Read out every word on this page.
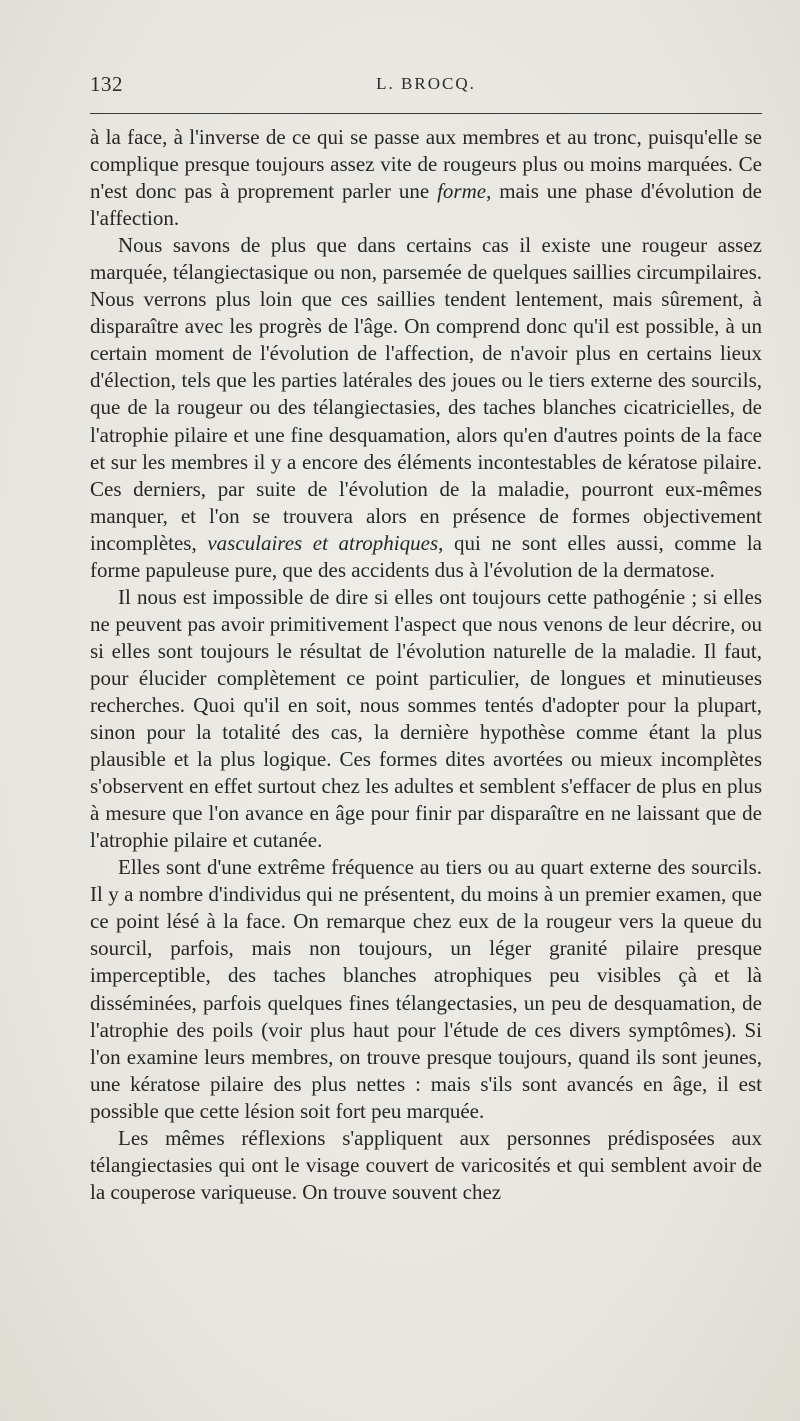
132	L. BROCQ.

à la face, à l'inverse de ce qui se passe aux membres et au tronc, puisqu'elle se complique presque toujours assez vite de rougeurs plus ou moins marquées. Ce n'est donc pas à proprement parler une forme, mais une phase d'évolution de l'affection.

Nous savons de plus que dans certains cas il existe une rougeur assez marquée, télangiectasique ou non, parsemée de quelques saillies circumpilaires. Nous verrons plus loin que ces saillies tendent lentement, mais sûrement, à disparaître avec les progrès de l'âge. On comprend donc qu'il est possible, à un certain moment de l'évolution de l'affection, de n'avoir plus en certains lieux d'élection, tels que les parties latérales des joues ou le tiers externe des sourcils, que de la rougeur ou des télangiectasies, des taches blanches cicatricielles, de l'atrophie pilaire et une fine desquamation, alors qu'en d'autres points de la face et sur les membres il y a encore des éléments incontestables de kératose pilaire. Ces derniers, par suite de l'évolution de la maladie, pourront eux-mêmes manquer, et l'on se trouvera alors en présence de formes objectivement incomplètes, vasculaires et atrophiques, qui ne sont elles aussi, comme la forme papuleuse pure, que des accidents dus à l'évolution de la dermatose.

Il nous est impossible de dire si elles ont toujours cette pathogénie ; si elles ne peuvent pas avoir primitivement l'aspect que nous venons de leur décrire, ou si elles sont toujours le résultat de l'évolution naturelle de la maladie. Il faut, pour élucider complètement ce point particulier, de longues et minutieuses recherches. Quoi qu'il en soit, nous sommes tentés d'adopter pour la plupart, sinon pour la totalité des cas, la dernière hypothèse comme étant la plus plausible et la plus logique. Ces formes dites avortées ou mieux incomplètes s'observent en effet surtout chez les adultes et semblent s'effacer de plus en plus à mesure que l'on avance en âge pour finir par disparaître en ne laissant que de l'atrophie pilaire et cutanée.

Elles sont d'une extrême fréquence au tiers ou au quart externe des sourcils. Il y a nombre d'individus qui ne présentent, du moins à un premier examen, que ce point lésé à la face. On remarque chez eux de la rougeur vers la queue du sourcil, parfois, mais non toujours, un léger granité pilaire presque imperceptible, des taches blanches atrophiques peu visibles çà et là disséminées, parfois quelques fines télangectasies, un peu de desquamation, de l'atrophie des poils (voir plus haut pour l'étude de ces divers symptômes). Si l'on examine leurs membres, on trouve presque toujours, quand ils sont jeunes, une kératose pilaire des plus nettes : mais s'ils sont avancés en âge, il est possible que cette lésion soit fort peu marquée.

Les mêmes réflexions s'appliquent aux personnes prédisposées aux télangiectasies qui ont le visage couvert de varicosités et qui semblent avoir de la couperose variqueuse. On trouve souvent chez
